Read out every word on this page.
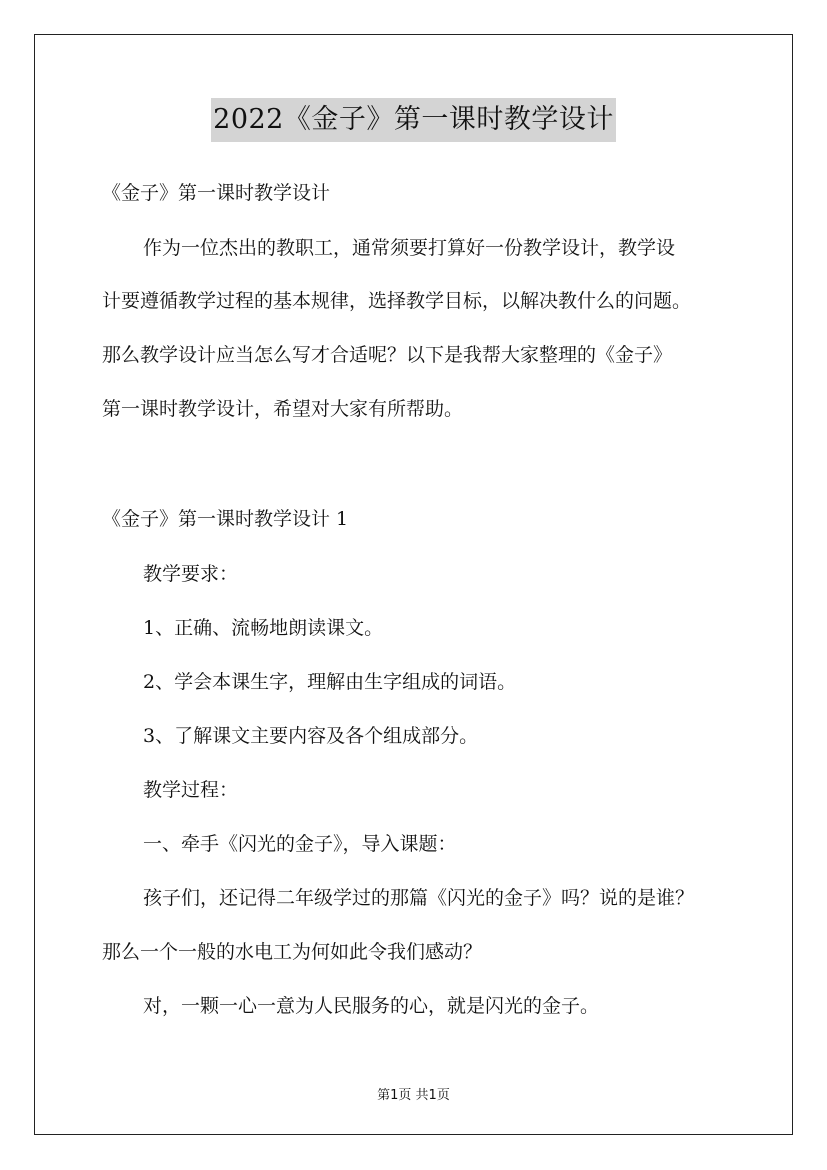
2022《金子》第一课时教学设计
《金子》第一课时教学设计
作为一位杰出的教职工，通常须要打算好一份教学设计，教学设
计要遵循教学过程的基本规律，选择教学目标，以解决教什么的问题。
那么教学设计应当怎么写才合适呢？以下是我帮大家整理的《金子》
第一课时教学设计，希望对大家有所帮助。
《金子》第一课时教学设计 1
教学要求：
1、正确、流畅地朗读课文。
2、学会本课生字，理解由生字组成的词语。
3、了解课文主要内容及各个组成部分。
教学过程：
一、牵手《闪光的金子》，导入课题：
孩子们，还记得二年级学过的那篇《闪光的金子》吗？说的是谁？
那么一个一般的水电工为何如此令我们感动？
对，一颗一心一意为人民服务的心，就是闪光的金子。
第1页 共1页
